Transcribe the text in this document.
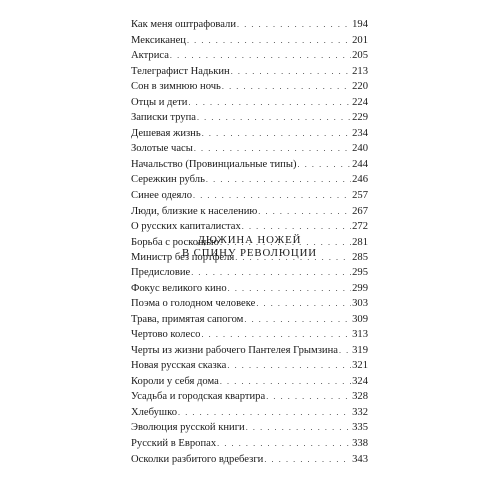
Как меня оштрафовали . . .	194
Мексиканец . . .	201
Актриса . . .	205
Телеграфист Надькин . . .	213
Сон в зимнюю ночь . . .	220
Отцы и дети . . .	224
Записки трупа . . .	229
Дешевая жизнь . . .	234
Золотые часы . . .	240
Начальство (Провинциальные типы) . . .	244
Сережкин рубль . . .	246
Синее одеяло . . .	257
Люди, близкие к населению . . .	267
О русских капиталистах . . .	272
Борьба с роскошью . . .	281
Министр без портфеля . . .	285
ДЮЖИНА НОЖЕЙ
В СПИНУ РЕВОЛЮЦИИ
Предисловие . . .	295
Фокус великого кино . . .	299
Поэма о голодном человеке . . .	303
Трава, примятая сапогом . . .	309
Чертово колесо . . .	313
Черты из жизни рабочего Пантелея Грымзина . . . 319
Новая русская сказка . . .	321
Короли у себя дома . . .	324
Усадьба и городская квартира . . .	328
Хлебушко . . .	332
Эволюция русской книги . . .	335
Русский в Европах . . .	338
Осколки разбитого вдребезги . . .	343
